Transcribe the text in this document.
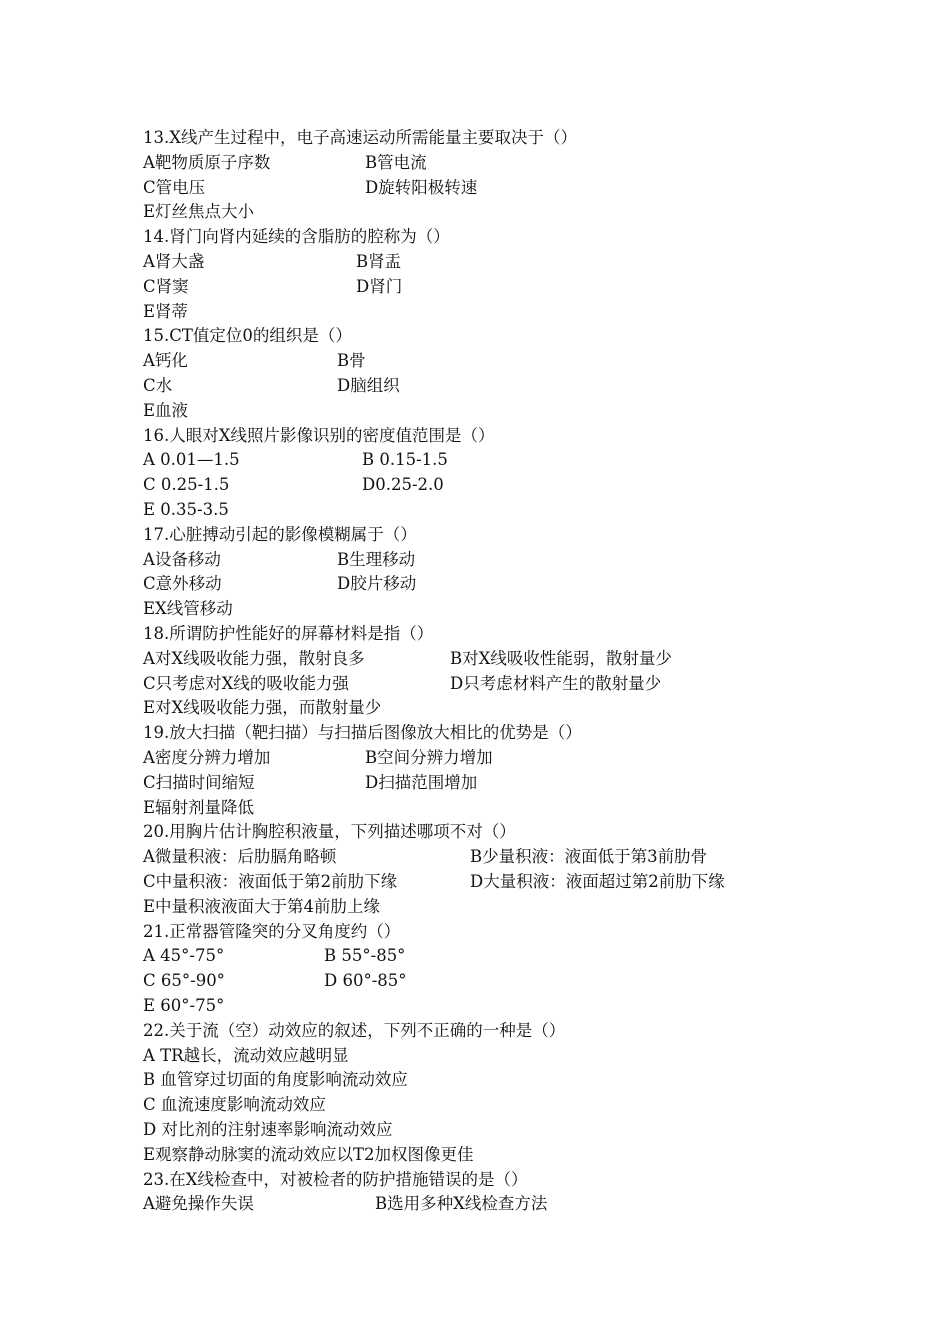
13.X线产生过程中，电子高速运动所需能量主要取决于（）
A靶物质原子序数	B管电流
C管电压	D旋转阳极转速
E灯丝焦点大小
14.肾门向肾内延续的含脂肪的腔称为（）
A肾大盏	B肾盂
C肾窦	D肾门
E肾蒂
15.CT值定位0的组织是（）
A钙化	B骨
C水	D脑组织
E血液
16.人眼对X线照片影像识别的密度值范围是（）
A 0.01—1.5	B 0.15-1.5
C 0.25-1.5	D0.25-2.0
E 0.35-3.5
17.心脏搏动引起的影像模糊属于（）
A设备移动	B生理移动
C意外移动	D胶片移动
EX线管移动
18.所谓防护性能好的屏幕材料是指（）
A对X线吸收能力强，散射良多	B对X线吸收性能弱，散射量少
C只考虑对X线的吸收能力强	D只考虑材料产生的散射量少
E对X线吸收能力强，而散射量少
19.放大扫描（靶扫描）与扫描后图像放大相比的优势是（）
A密度分辨力增加	B空间分辨力增加
C扫描时间缩短	D扫描范围增加
E辐射剂量降低
20.用胸片估计胸腔积液量，下列描述哪项不对（）
A微量积液：后肋膈角略顿	B少量积液：液面低于第3前肋骨
C中量积液：液面低于第2前肋下缘	D大量积液：液面超过第2前肋下缘
E中量积液液面大于第4前肋上缘
21.正常器管隆突的分叉角度约（）
A 45°-75°	B 55°-85°
C 65°-90°	D 60°-85°
E 60°-75°
22.关于流（空）动效应的叙述，下列不正确的一种是（）
A TR越长，流动效应越明显
B 血管穿过切面的角度影响流动效应
C 血流速度影响流动效应
D 对比剂的注射速率影响流动效应
E观察静动脉窦的流动效应以T2加权图像更佳
23.在X线检查中，对被检者的防护措施错误的是（）
A避免操作失误	B选用多种X线检查方法
